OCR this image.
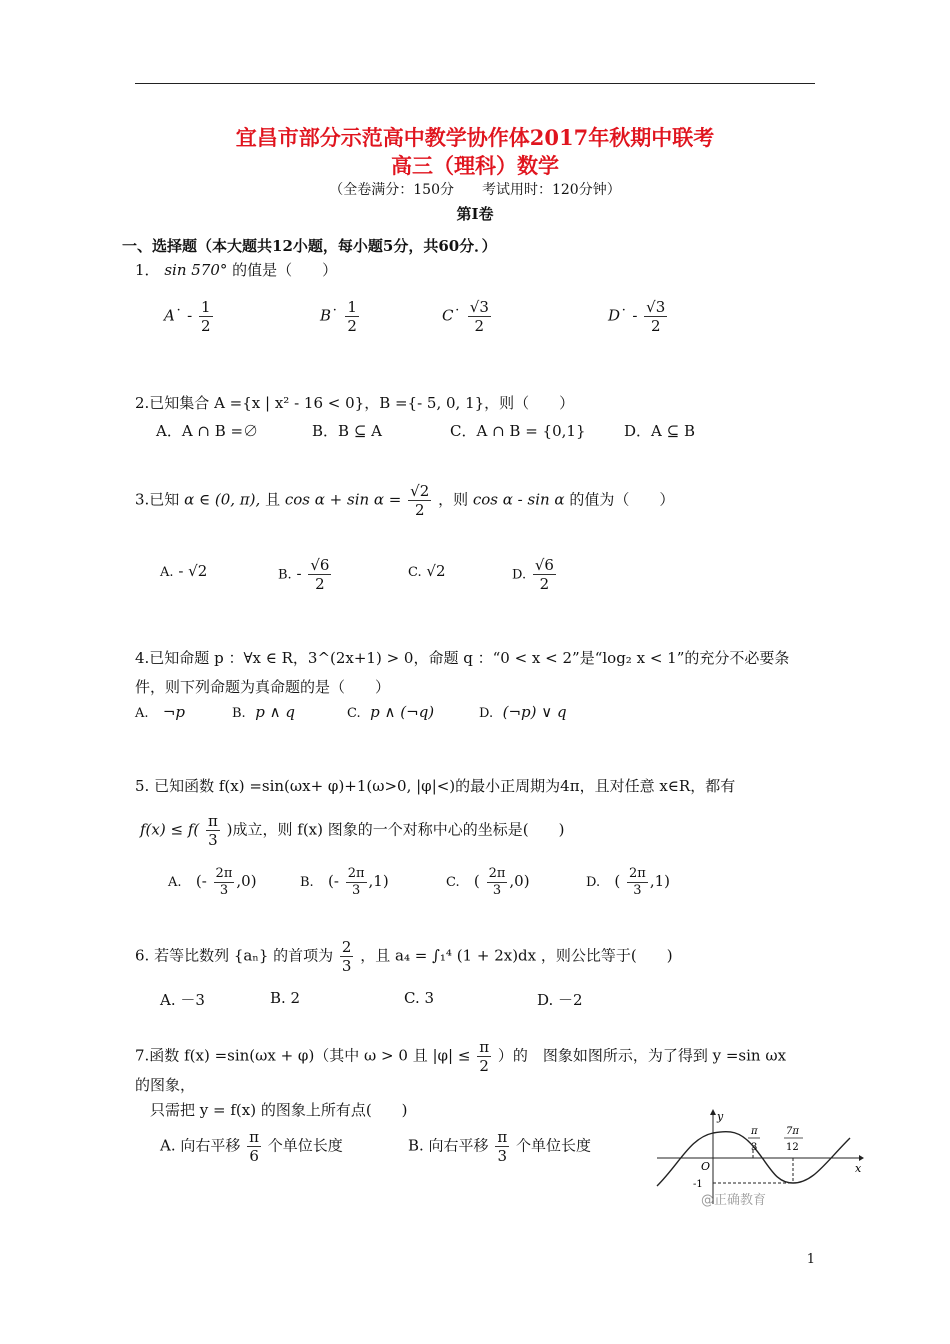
宜昌市部分示范高中教学协作体2017年秋期中联考
高三（理科）数学
（全卷满分：150分　　考试用时：120分钟）
第Ⅰ卷
一、选择题（本大题共12小题，每小题5分，共60分．）
1． sin 570° 的值是（　　）
A˙ - $\frac{1}{2}$	B˙ $\frac{1}{2}$	C˙ $\frac{√3}{2}$	D˙ - $\frac{√3}{2}$
2.已知集合 A ={x | x² - 16 < 0}，B ={- 5, 0, 1}，则（　　）
A．A ∩ B =∅	B．B ⊆ A	C．A ∩ B = {0,1}	D．A ⊆ B
3.已知 α ∈ (0, π), 且 $\cos \alpha + \sin \alpha = \frac{√2}{2}$ ，则 cos α - sin α 的值为（　　）
A. - √2	B. - $\frac{√6}{2}$	C. √2	D. $\frac{√6}{2}$
4.已知命题 p ：∀x ∈ R，3^(2x+1) > 0，命题 q ：“0 < x < 2”是“log₂ x < 1”的充分不必要条
件，则下列命题为真命题的是（　　）
A. ¬p	B. p ∧ q	C. p ∧ (¬q)	D. (¬p) ∨ q
5. 已知函数 f(x) =sin(ωx+ φ)+1(ω>0, |φ|<)的最小正周期为4π，且对任意 x∈R，都有
$f(x) \le f( \frac{\pi}{3}$ )成立，则 f(x) 图象的一个对称中心的坐标是(　　)
A.   (- $\frac{2\pi}{3} ,0$)	B.   (- $\frac{2\pi}{3} ,1$)	C.   ( $\frac{2\pi}{3} ,0$)	D.   ( $\frac{2\pi}{3} ,1$)
6. 若等比数列 {aₙ} 的首项为 $\frac{2}{3}$ ，且 a₄ = ∫₁⁴ (1 + 2x)dx ，则公比等于(　　)
A. －3	B. 2	C. 3	D. －2
7.函数 f(x) =sin(ωx + φ)（其中 ω > 0 且 $|\varphi| \le \frac{\pi}{2}$ ）的　图象如图所示，为了得到 y =sin ωx
的图象，
只需把 y = f(x) 的图象上所有点(　　)
A. 向右平移 $\frac{\pi}{6}$ 个单位长度	B. 向右平移 $\frac{\pi}{3}$ 个单位长度
y
x
O
π
3
7π
12
-1
@正确教育
1
